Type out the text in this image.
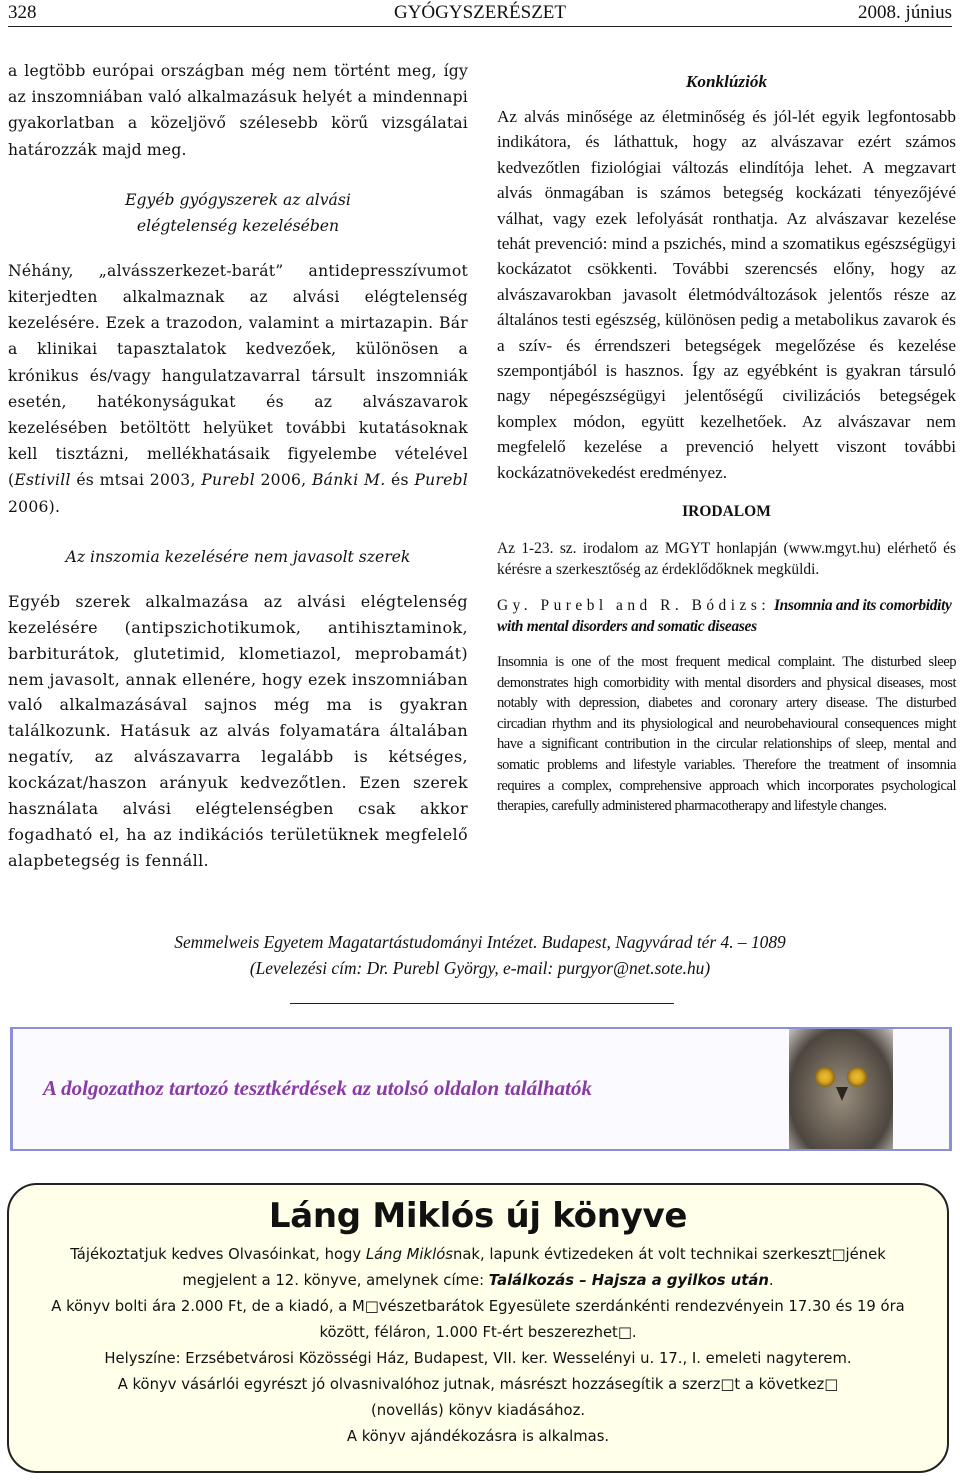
328	GYÓGYSZERÉSZET	2008. június

a legtöbb európai országban még nem történt meg, így az inszomniában való alkalmazásuk helyét a mindennapi gyakorlatban a közeljövő szélesebb körű vizsgálatai határozzák majd meg.

Egyéb gyógyszerek az alvási elégtelenség kezelésében

Néhány, „alvásszerkezet-barát” antidepresszívumot kiterjedten alkalmaznak az alvási elégtelenség kezelésére. Ezek a trazodon, valamint a mirtazapin. Bár a klinikai tapasztalatok kedvezőek, különösen a krónikus és/vagy hangulatzavarral társult inszomniák esetén, hatékonyságukat és az alvászavarok kezelésében betöltött helyüket további kutatásoknak kell tisztázni, mellékhatásaik figyelembe vételével (Estivill és mtsai 2003, Purebl 2006, Bánki M. és Purebl 2006).

Az inszomia kezelésére nem javasolt szerek

Egyéb szerek alkalmazása az alvási elégtelenség kezelésére (antipszichotikumok, antihisztaminok, barbiturátok, glutetimid, klometiazol, meprobamát) nem javasolt, annak ellenére, hogy ezek inszomniában való alkalmazásával sajnos még ma is gyakran találkozunk. Hatásuk az alvás folyamatára általában negatív, az alvászavarra legalább is kétséges, kockázat/haszon arányuk kedvezőtlen. Ezen szerek használata alvási elégtelenségben csak akkor fogadható el, ha az indikációs területüknek megfelelő alapbetegség is fennáll.

Konklúziók

Az alvás minősége az életminőség és jól-lét egyik legfontosabb indikátora, és láthattuk, hogy az alvászavar ezért számos kedvezőtlen fiziológiai változás elindítója lehet. A megzavart alvás önmagában is számos betegség kockázati tényezőjévé válhat, vagy ezek lefolyását ronthatja. Az alvászavar kezelése tehát prevenció: mind a pszichés, mind a szomatikus egészségügyi kockázatot csökkenti. További szerencsés előny, hogy az alvászavarokban javasolt életmódváltozások jelentős része az általános testi egészség, különösen pedig a metabolikus zavarok és a szív- és érrendszeri betegségek megelőzése és kezelése szempontjából is hasznos. Így az egyébként is gyakran társuló nagy népegészségügyi jelentőségű civilizációs betegségek komplex módon, együtt kezelhetőek. Az alvászavar nem megfelelő kezelése a prevenció helyett viszont további kockázatnövekedést eredményez.

IRODALOM

Az 1-23. sz. irodalom az MGYT honlapján (www.mgyt.hu) elérhető és kérésre a szerkesztőség az érdeklődőknek megküldi.

Gy. Purebl and R. Bódizs: Insomnia and its comorbidity with mental disorders and somatic diseases

Insomnia is one of the most frequent medical complaint. The disturbed sleep demonstrates high comorbidity with mental disorders and physical diseases, most notably with depression, diabetes and coronary artery disease. The disturbed circadian rhythm and its physiological and neurobehavioural consequences might have a significant contribution in the circular relationships of sleep, mental and somatic problems and lifestyle variables. Therefore the treatment of insomnia requires a complex, comprehensive approach which incorporates psychological therapies, carefully administered pharmacotherapy and lifestyle changes.

Semmelweis Egyetem Magatartástudományi Intézet. Budapest, Nagyvárad tér 4. – 1089
(Levelezési cím: Dr. Purebl György, e-mail: purgyor@net.sote.hu)
A dolgozathoz tartozó tesztkérdések az utolsó oldalon találhatók
Láng Miklós új könyve

Tájékoztatjuk kedves Olvasóinkat, hogy Láng Miklósnak, lapunk évtizedeken át volt technikai szerkeszt□jének

megjelent a 12. könyve, amelynek címe: Találkozás – Hajsza a gyilkos után.

A könyv bolti ára 2.000 Ft, de a kiadó, a M□vészetbarátok Egyesülete szerdánkénti rendezvényein 17.30 és 19 óra

között, féláron, 1.000 Ft-ért beszerezhet□.

Helyszíne: Erzsébetvárosi Közösségi Ház, Budapest, VII. ker. Wesselényi u. 17., I. emeleti nagyterem.

A könyv vásárlói egyrészt jó olvasnivalóhoz jutnak, másrészt hozzásegítik a szerz□t a következ□

(novellás) könyv kiadásához.

A könyv ajándékozásra is alkalmas.
